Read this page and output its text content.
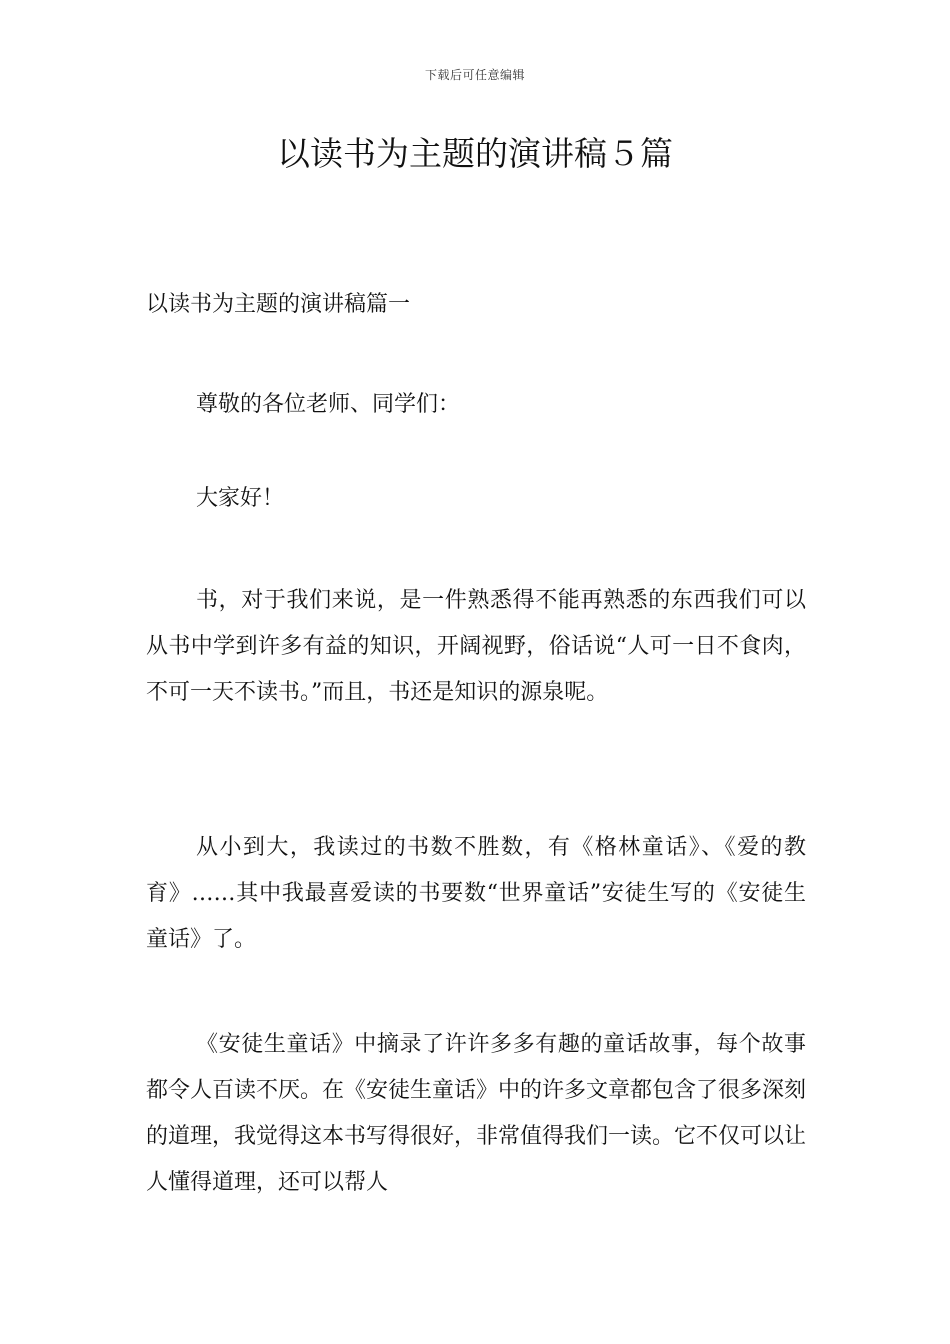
下载后可任意编辑
以读书为主题的演讲稿５篇
以读书为主题的演讲稿篇一

尊敬的各位老师、同学们：

大家好！

书，对于我们来说，是一件熟悉得不能再熟悉的东西我们可以从书中学到许多有益的知识，开阔视野，俗话说“人可一日不食肉，不可一天不读书。”而且，书还是知识的源泉呢。

从小到大，我读过的书数不胜数，有《格林童话》、《爱的教育》……其中我最喜爱读的书要数“世界童话”安徒生写的《安徒生童话》了。

《安徒生童话》中摘录了许许多多有趣的童话故事，每个故事都令人百读不厌。在《安徒生童话》中的许多文章都包含了很多深刻的道理，我觉得这本书写得很好，非常值得我们一读。它不仅可以让人懂得道理，还可以帮人
